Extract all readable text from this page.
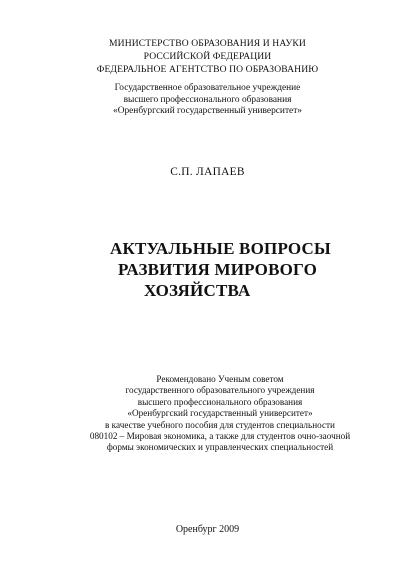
МИНИСТЕРСТВО ОБРАЗОВАНИЯ И НАУКИ
РОССИЙСКОЙ ФЕДЕРАЦИИ
ФЕДЕРАЛЬНОЕ АГЕНТСТВО ПО ОБРАЗОВАНИЮ
Государственное образовательное учреждение
высшего профессионального образования
«Оренбургский государственный университет»
С.П. ЛАПАЕВ
АКТУАЛЬНЫЕ ВОПРОСЫ
РАЗВИТИЯ МИРОВОГО
ХОЗЯЙСТВА
Рекомендовано Ученым советом
государственного образовательного учреждения
высшего профессионального образования
«Оренбургский государственный университет»
в качестве учебного пособия для студентов специальности
080102 – Мировая экономика, а также для студентов очно-заочной
формы экономических и управленческих специальностей
Оренбург 2009
